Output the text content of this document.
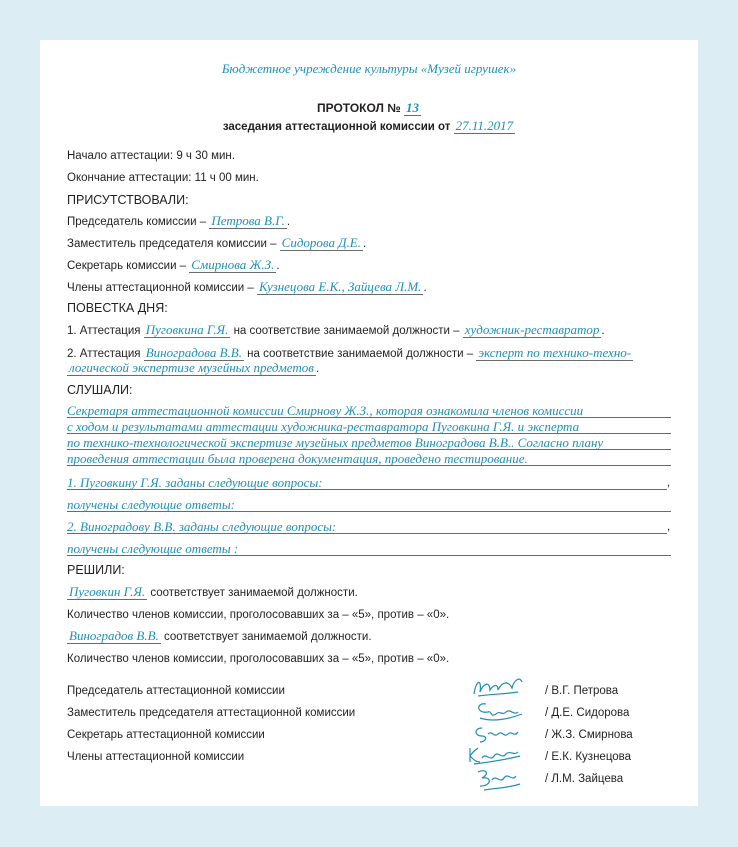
Бюджетное учреждение культуры «Музей игрушек»
ПРОТОКОЛ № 13
заседания аттестационной комиссии от 27.11.2017
Начало аттестации: 9 ч 30 мин.
Окончание аттестации: 11 ч 00 мин.
ПРИСУТСТВОВАЛИ:
Председатель комиссии – Петрова В.Г. .
Заместитель председателя комиссии – Сидорова Д.Е. .
Секретарь комиссии – Смирнова Ж.З. .
Члены аттестационной комиссии – Кузнецова Е.К., Зайцева Л.М. .
ПОВЕСТКА ДНЯ:
1. Аттестация Пуговкина Г.Я. на соответствие занимаемой должности – художник-реставратор .
2. Аттестация Виноградова В.В. на соответствие занимаемой должности – эксперт по технико-техно-
логической экспертизе музейных предметов .
СЛУШАЛИ:
Секретаря аттестационной комиссии Смирнову Ж.З., которая ознакомила членов комиссии
с ходом и результатами аттестации художника-реставратора Пуговкина Г.Я. и эксперта
по технико-технологической экспертизе музейных предметов Виноградова В.В.. Согласно плану
проведения аттестации была проверена документация, проведено тестирование.
1. Пуговкину Г.Я. заданы следующие вопросы:	,
получены следующие ответы:
2. Виноградову В.В. заданы следующие вопросы:	,
получены следующие ответы :
РЕШИЛИ:
Пуговкин Г.Я. соответствует занимаемой должности.
Количество членов комиссии, проголосовавших за – «5», против – «0».
Виноградов В.В. соответствует занимаемой должности.
Количество членов комиссии, проголосовавших за – «5», против – «0».
Председатель аттестационной комиссии	/ В.Г. Петрова
Заместитель председателя аттестационной комиссии	/ Д.Е. Сидорова
Секретарь аттестационной комиссии	/ Ж.З. Смирнова
Члены аттестационной комиссии	/ Е.К. Кузнецова
/ Л.М. Зайцева
